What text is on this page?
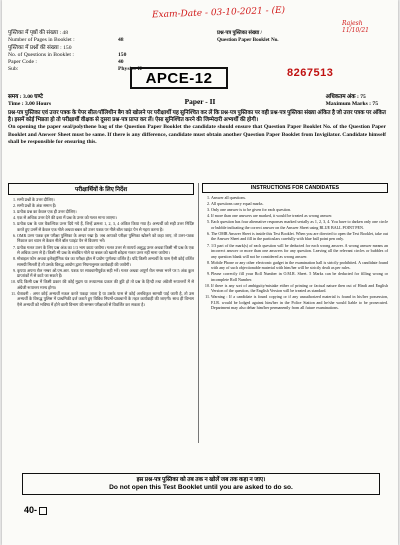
Exam-Date - 03-10-2021 - (E)
Rajesh 11/10/21
पुस्तिका में पृष्ठों की संख्या : 48
Number of Pages in Booklet :	48
पुस्तिका में प्रश्नों की संख्या : 150
No. of Questions in Booklet :	150
Paper Code :	40
Sub:	Physics-II
प्रश्न-पत्र पुस्तिका संख्या /
Question Paper Booklet No.
APCE-12	8267513
समय : 3.00 घण्टे
Time : 3.00 Hours	Paper - II	अधिकतम अंक : 75
Maximum Marks : 75
प्रश्न-पत्र पुस्तिका एवं उत्तर पत्रक के पेपर सील/पॉलिथीन बैग को खोलने पर परीक्षार्थी यह सुनिश्चित कर लें कि प्रश्न-पत्र पुस्तिका पर वही प्रश्न-पत्र पुस्तिका संख्या अंकित है जो उत्तर पत्रक पर अंकित है। इसमें कोई भिन्नता हो तो परीक्षार्थी वीक्षक से दूसरा प्रश्न-पत्र प्राप्त कर लें। ऐसा सुनिश्चित करने की जिम्मेदारी अभ्यर्थी की होगी।
On opening the paper seal/polythene bag of the Question Paper Booklet the candidate should ensure that Question Paper Booklet No. of the Question Paper Booklet and Answer Sheet must be same. If there is any difference, candidate must obtain another Question Paper Booklet from Invigilator. Candidate himself shall be responsible for ensuring this.
परीक्षार्थियों के लिए निर्देश
1. सभी प्रश्नों के उत्तर दीजिए।
2. सभी प्रश्नों के अंक समान हैं।
3. प्रत्येक प्रश्न का केवल एक ही उत्तर दीजिए।
4. एक से अधिक उत्तर देने की दशा में प्रश्न के उत्तर को गलत माना जाएगा।
5. प्रत्येक प्रश्न के चार वैकल्पिक उत्तर दिये गये हैं, जिन्हें क्रमशः 1, 2, 3, 4 अंकित किया गया है। अभ्यर्थी को सही उत्तर निर्दिष्ट करते हुए उनमें से केवल एक गोले अथवा बबल को उत्तर पत्रक पर नीले बॉल प्वाइंट पेन से गहरा करना है।
6. OMR उत्तर पत्रक इस परीक्षा पुस्तिका के अन्दर रखा है। जब आपको परीक्षा पुस्तिका खोलने को कहा जाए, तो उत्तर-पत्रक निकाल कर ध्यान से केवल नीले बॉल प्वाइंट पेन से विवरण भरें।
7. प्रत्येक गलत उत्तर के लिए प्रश्न अंक का 1/3 भाग काटा जायेगा। गलत उत्तर से तात्पर्य अशुद्ध उत्तर अथवा किसी भी प्रश्न के एक से अधिक उत्तर से है। किसी भी प्रश्न के संबंधित गोले या बबल को खाली छोड़ना गलत उत्तर नहीं माना जायेगा।
8. मोबाइल फोन अथवा इलेक्ट्रॉनिक यंत्र का परीक्षा हॉल में प्रयोग पूर्णतया वर्जित है। यदि किसी अभ्यर्थी के पास ऐसी कोई वर्जित सामग्री मिलती है तो उसके विरुद्ध आयोग द्वारा नियमानुसार कार्यवाही की जायेगी।
9. कृपया अपना रोल नम्बर ओ.एम.आर. पत्रक पर सावधानीपूर्वक सही भरें। गलत अथवा अपूर्ण रोल नम्बर भरने पर 5 अंक कुल प्राप्तांकों में से काटे जा सकते हैं।
10. यदि किसी प्रश्न में किसी प्रकार की कोई मुद्रण या तथ्यात्मक प्रकार की त्रुटि हो तो प्रश्न के हिन्दी तथा अंग्रेजी रूपान्तरों में से अंग्रेजी रूपान्तर मान्य होगा।
11. चेतावनी : अगर कोई अभ्यर्थी नकल करते पकड़ा जाता है या उसके पास से कोई अनधिकृत सामग्री पाई जाती है, तो उस अभ्यर्थी के विरुद्ध पुलिस में प्राथमिकी दर्ज कराते हुए विविध नियमों-प्रावधानों के तहत कार्यवाही की जाएगी। साथ ही विभाग ऐसे अभ्यर्थी को भविष्य में होने वाली विभाग की समस्त परीक्षाओं से विवर्जित कर सकता है।
INSTRUCTIONS FOR CANDIDATES
1. Answer all questions.
2. All questions carry equal marks.
3. Only one answer is to be given for each question.
4. If more than one answers are marked, it would be treated as wrong answer.
5. Each question has four alternative responses marked serially as 1, 2, 3, 4. You have to darken only one circle or bubble indicating the correct answer on the Answer Sheet using BLUE BALL POINT PEN.
6. The OMR Answer Sheet is inside this Test Booklet. When you are directed to open the Test Booklet, take out the Answer Sheet and fill in the particulars carefully with blue ball point pen only.
7. 1/3 part of the mark(s) of each question will be deducted for each wrong answer. A wrong answer means an incorrect answer or more than one answers for any question. Leaving all the relevant circles or bubbles of any question blank will not be considered as wrong answer.
8. Mobile Phone or any other electronic gadget in the examination hall is strictly prohibited. A candidate found with any of such objectionable material with him/her will be strictly dealt as per rules.
9. Please correctly fill your Roll Number in O.M.R. Sheet. 5 Marks can be deducted for filling wrong or incomplete Roll Number.
10. If there is any sort of ambiguity/mistake either of printing or factual nature then out of Hindi and English Version of the question, the English Version will be treated as standard.
11. Warning : If a candidate is found copying or if any unauthorized material is found in his/her possession, F.I.R. would be lodged against him/her in the Police Station and he/she would liable to be prosecuted. Department may also debar him/her permanently from all future examinations.
इस प्रश्न-पत्र पुस्तिका को तब तक न खोलें जब तक कहा न जाए।
Do not open this Test Booklet until you are asked to do so.
40-
